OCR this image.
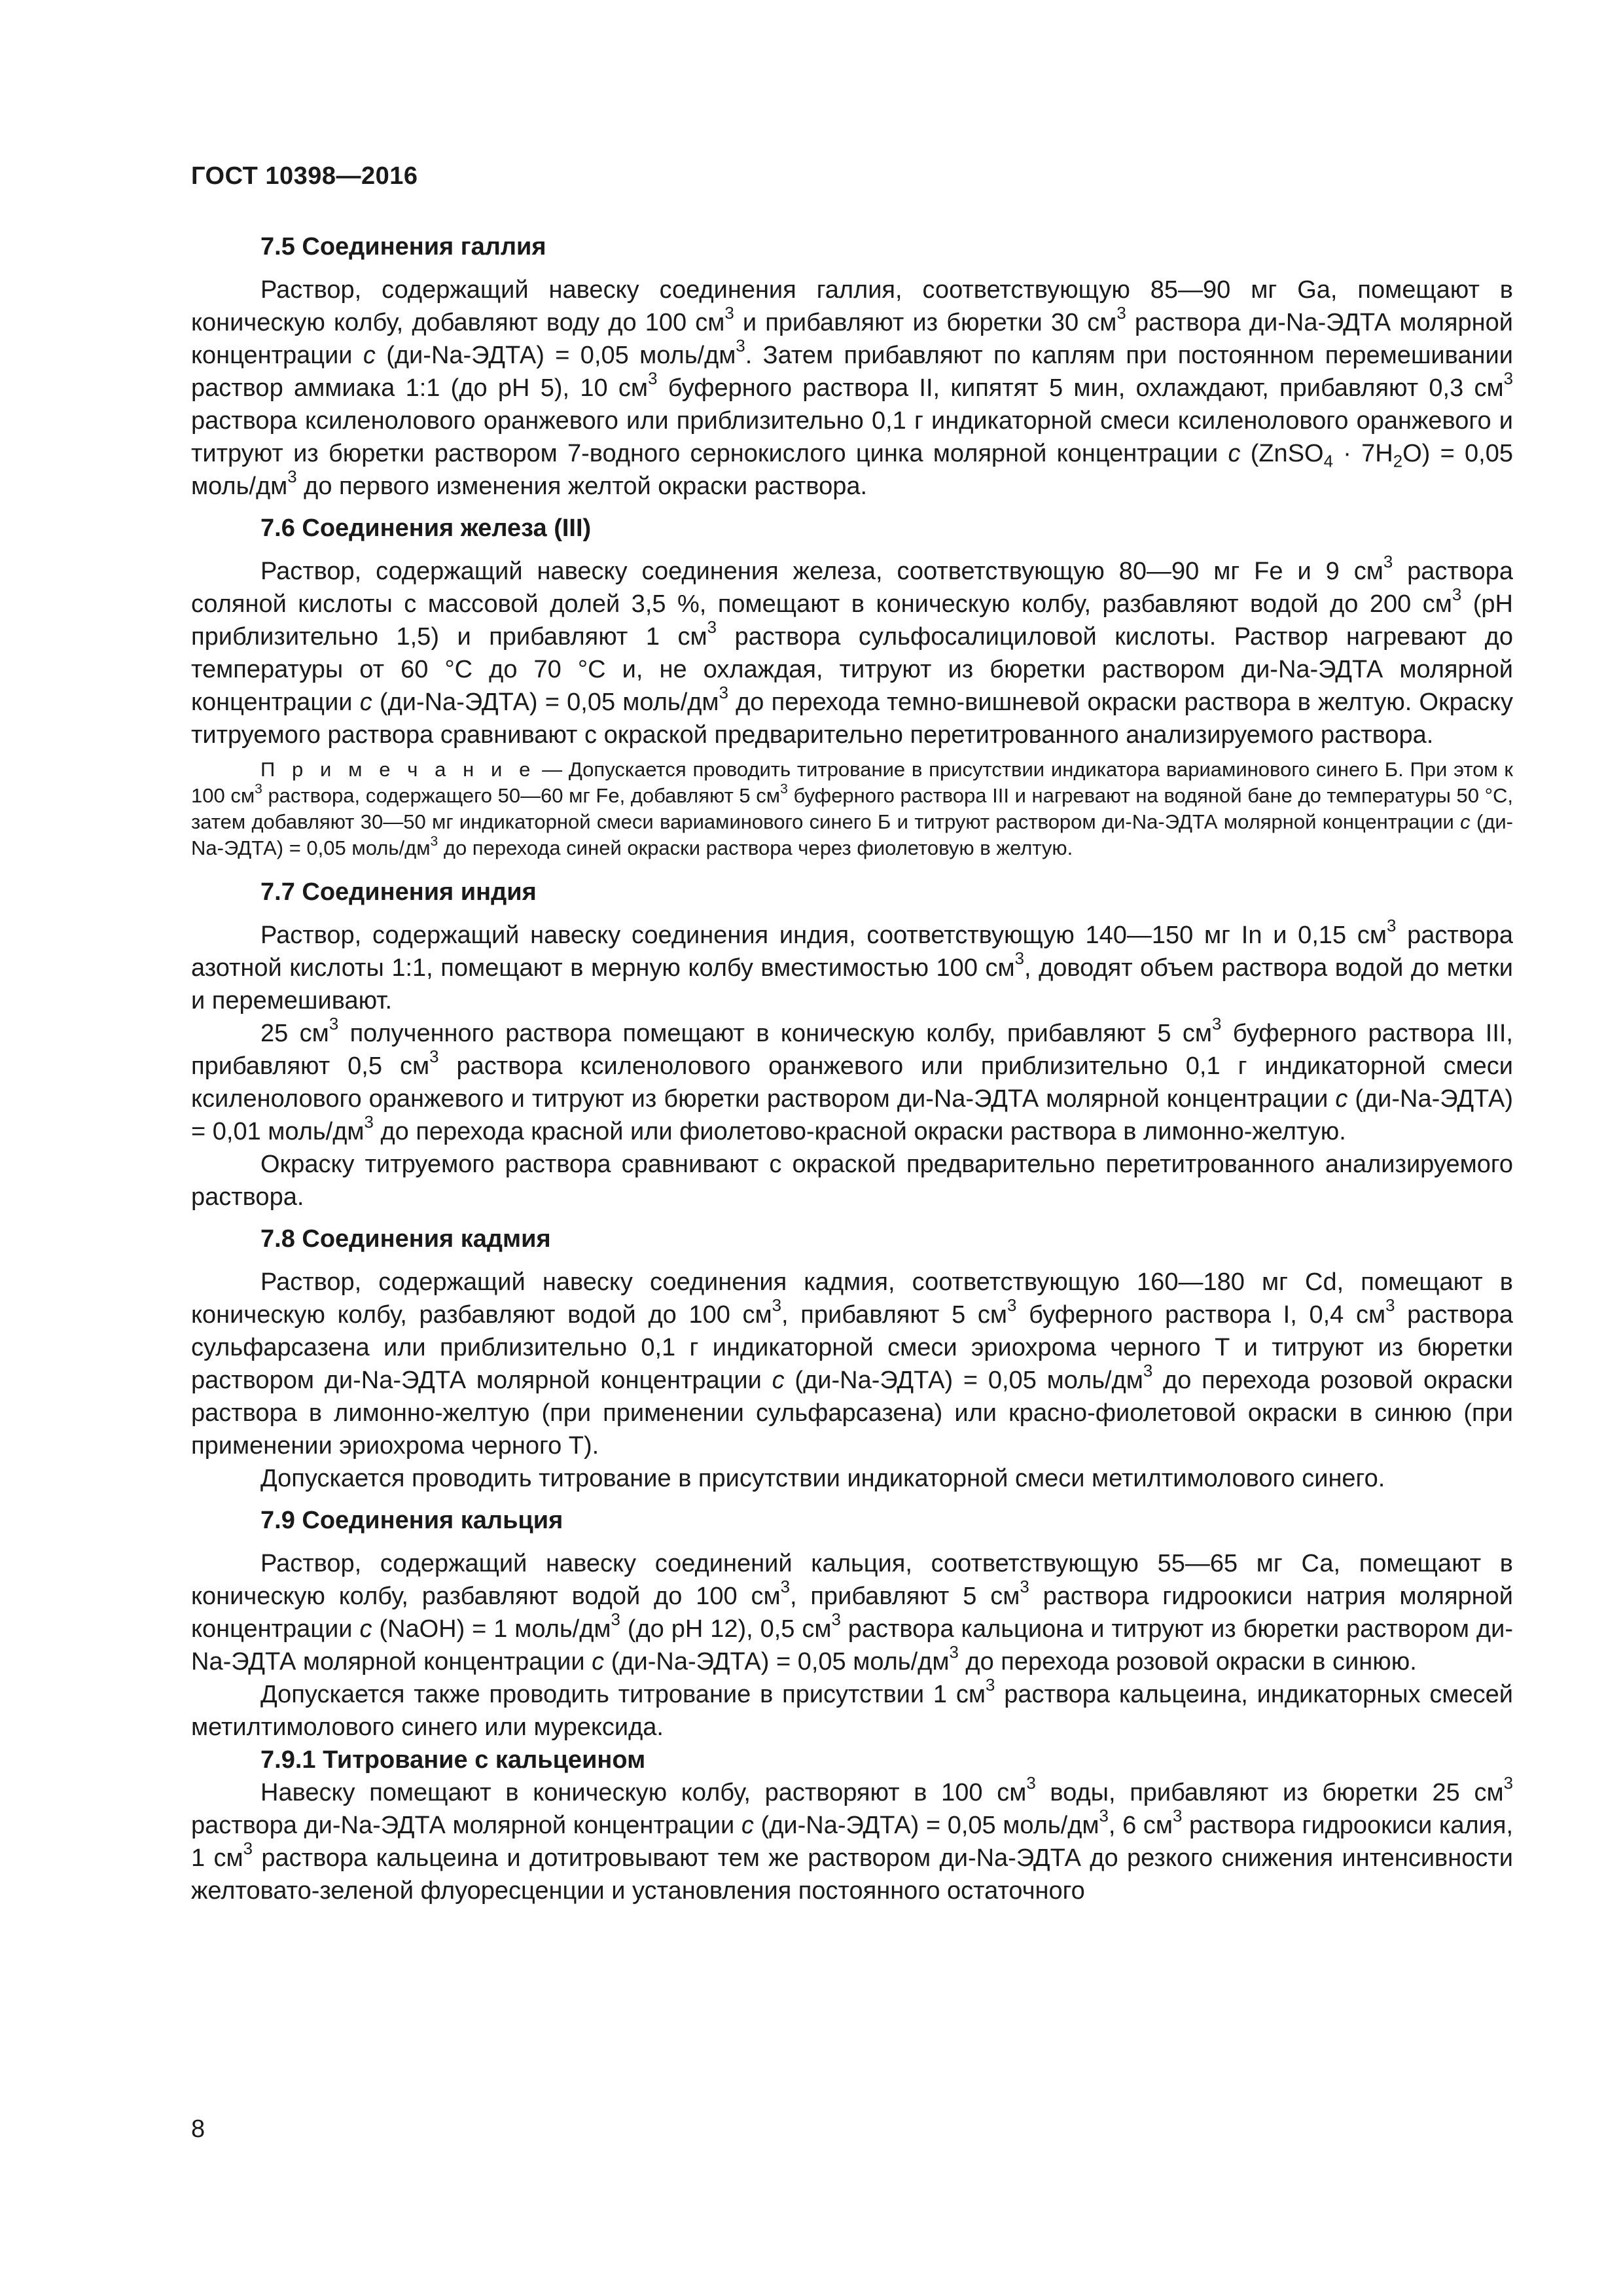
ГОСТ 10398—2016
7.5 Соединения галлия

Раствор, содержащий навеску соединения галлия, соответствующую 85—90 мг Ga, помещают в коническую колбу, добавляют воду до 100 $см^3$ и прибавляют из бюретки 30 $см^3$ раствора ди-Na-ЭДТА молярной концентрации c (ди-Na-ЭДТА) = 0,05 моль/$дм^3$. Затем прибавляют по каплям при постоянном перемешивании раствор аммиака 1:1 (до pH 5), 10 $см^3$ буферного раствора II, кипятят 5 мин, охлаждают, прибавляют 0,3 $см^3$ раствора ксиленолового оранжевого или приблизительно 0,1 г индикаторной смеси ксиленолового оранжевого и титруют из бюретки раствором 7-водного сернокислого цинка молярной концентрации c (ZnSO$_4$ · $7H_2O) = 0,05$ моль/$дм^3$ до первого изменения желтой окраски раствора.

7.6 Соединения железа (III)

Раствор, содержащий навеску соединения железа, соответствующую 80—90 мг Fe и 9 $см^3$ раствора соляной кислоты с массовой долей 3,5 %, помещают в коническую колбу, разбавляют водой до 200 $см^3$ (pH приблизительно 1,5) и прибавляют 1 $см^3$ раствора сульфосалициловой кислоты. Раствор нагревают до температуры от 60 °С до 70 °С и, не охлаждая, титруют из бюретки раствором ди-Na-ЭДТА молярной концентрации c (ди-Na-ЭДТА) = 0,05 моль/$дм^3$ до перехода темно-вишневой окраски раствора в желтую. Окраску титруемого раствора сравнивают с окраской предварительно перетитрованного анализируемого раствора.

П р и м е ч а н и е — Допускается проводить титрование в присутствии индикатора вариаминового синего Б. При этом к 100 $см^3$ раствора, содержащего 50—60 мг Fe, добавляют 5 $см^3$ буферного раствора III и нагревают на водяной бане до температуры 50 °С, затем добавляют 30—50 мг индикаторной смеси вариаминового синего Б и титруют раствором ди-Na-ЭДТА молярной концентрации c (ди-Na-ЭДТА) = 0,05 моль/$дм^3$ до перехода синей окраски раствора через фиолетовую в желтую.
7.7 Соединения индия

Раствор, содержащий навеску соединения индия, соответствующую 140—150 мг In и 0,15 $см^3$ раствора азотной кислоты 1:1, помещают в мерную колбу вместимостью 100 $см^3$, доводят объем раствора водой до метки и перемешивают.

25 $см^3$ полученного раствора помещают в коническую колбу, прибавляют 5 $см^3$ буферного раствора III, прибавляют 0,5 $см^3$ раствора ксиленолового оранжевого или приблизительно 0,1 г индикаторной смеси ксиленолового оранжевого и титруют из бюретки раствором ди-Na-ЭДТА молярной концентрации c (ди-Na-ЭДТА) = 0,01 моль/$дм^3$ до перехода красной или фиолетово-красной окраски раствора в лимонно-желтую.

Окраску титруемого раствора сравнивают с окраской предварительно перетитрованного анализируемого раствора.

7.8 Соединения кадмия

Раствор, содержащий навеску соединения кадмия, соответствующую 160—180 мг Cd, помещают в коническую колбу, разбавляют водой до 100 $см^3$, прибавляют 5 $см^3$ буферного раствора I, 0,4 $см^3$ раствора сульфарсазена или приблизительно 0,1 г индикаторной смеси эриохрома черного Т и титруют из бюретки раствором ди-Na-ЭДТА молярной концентрации c (ди-Na-ЭДТА) = 0,05 моль/$дм^3$ до перехода розовой окраски раствора в лимонно-желтую (при применении сульфарсазена) или красно-фиолетовой окраски в синюю (при применении эриохрома черного Т).

Допускается проводить титрование в присутствии индикаторной смеси метилтимолового синего.

7.9 Соединения кальция

Раствор, содержащий навеску соединений кальция, соответствующую 55—65 мг Са, помещают в коническую колбу, разбавляют водой до 100 $см^3$, прибавляют 5 $см^3$ раствора гидроокиси натрия молярной концентрации c (NaOH) = 1 моль/$дм^3$ (до pH 12), 0,5 $см^3$ раствора кальциона и титруют из бюретки раствором ди-Na-ЭДТА молярной концентрации c (ди-Na-ЭДТА) = 0,05 моль/$дм^3$ до перехода розовой окраски в синюю.

Допускается также проводить титрование в присутствии 1 $см^3$ раствора кальцеина, индикаторных смесей метилтимолового синего или мурексида.

7.9.1 Титрование с кальцеином

Навеску помещают в коническую колбу, растворяют в 100 $см^3$ воды, прибавляют из бюретки 25 $см^3$ раствора ди-Na-ЭДТА молярной концентрации c (ди-Na-ЭДТА) = 0,05 моль/$дм^3$, 6 $см^3$ раствора гидроокиси калия, 1 $см^3$ раствора кальцеина и дотитровывают тем же раствором ди-Na-ЭДТА до резкого снижения интенсивности желтовато-зеленой флуоресценции и установления постоянного остаточного

8
